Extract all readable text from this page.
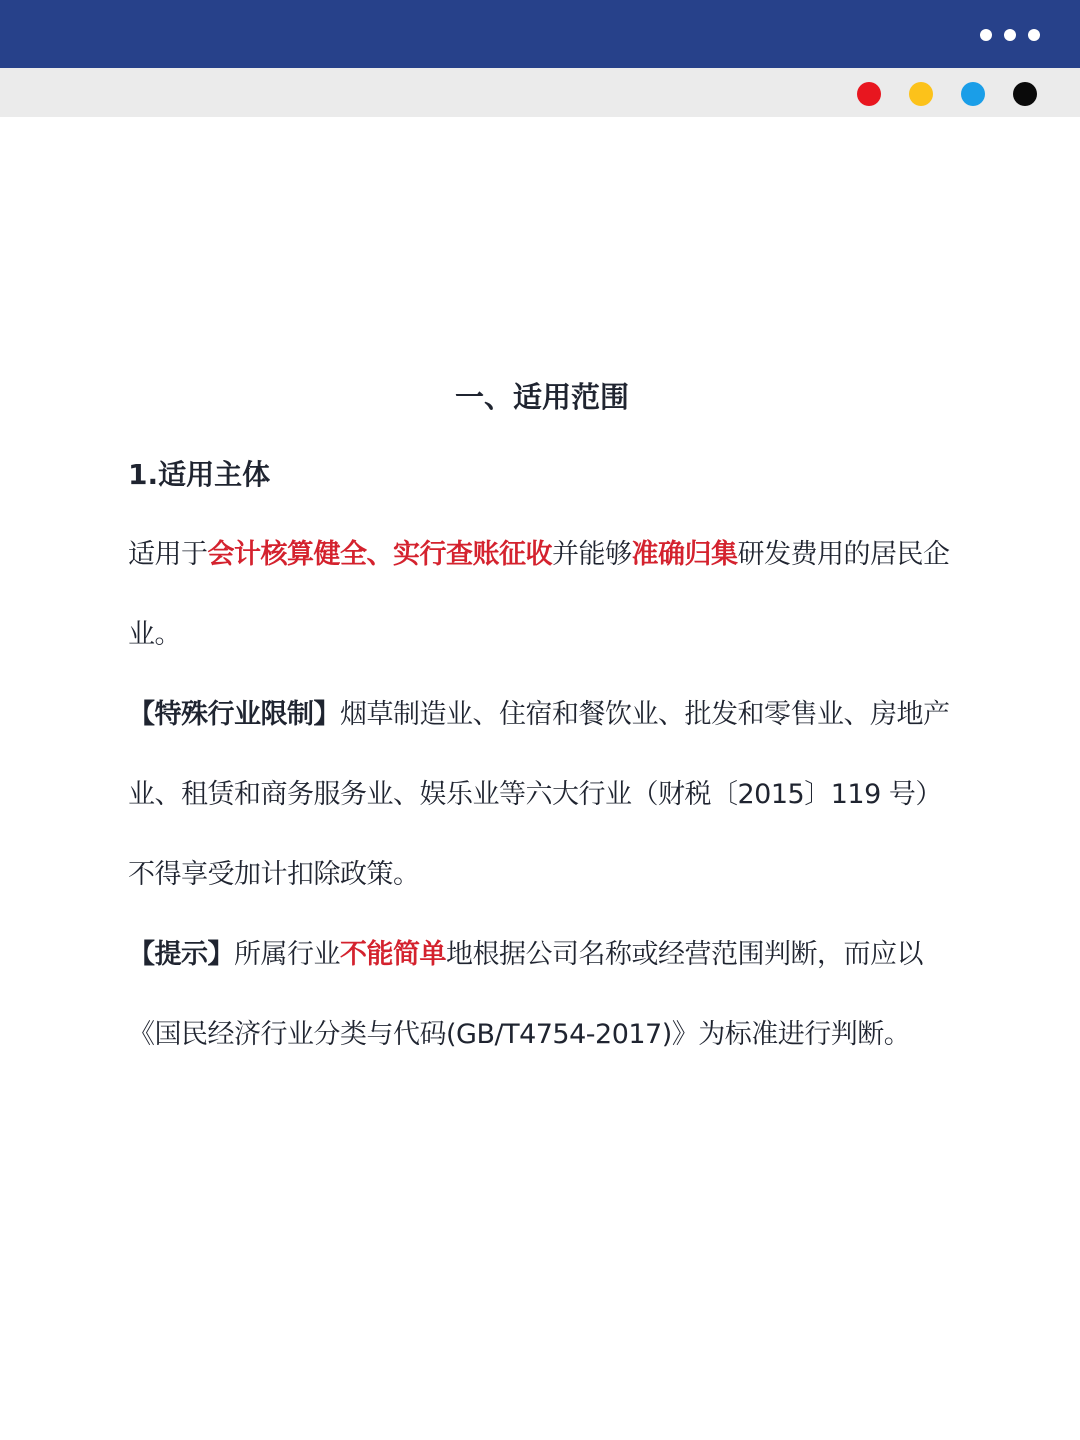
一、适用范围
1.适用主体
适用于会计核算健全、实行查账征收并能够准确归集研发费用的居民企业。
【特殊行业限制】烟草制造业、住宿和餐饮业、批发和零售业、房地产业、租赁和商务服务业、娱乐业等六大行业（财税〔2015〕119 号）不得享受加计扣除政策。
【提示】所属行业不能简单地根据公司名称或经营范围判断，而应以《国民经济行业分类与代码(GB/T4754-2017)》为标准进行判断。
